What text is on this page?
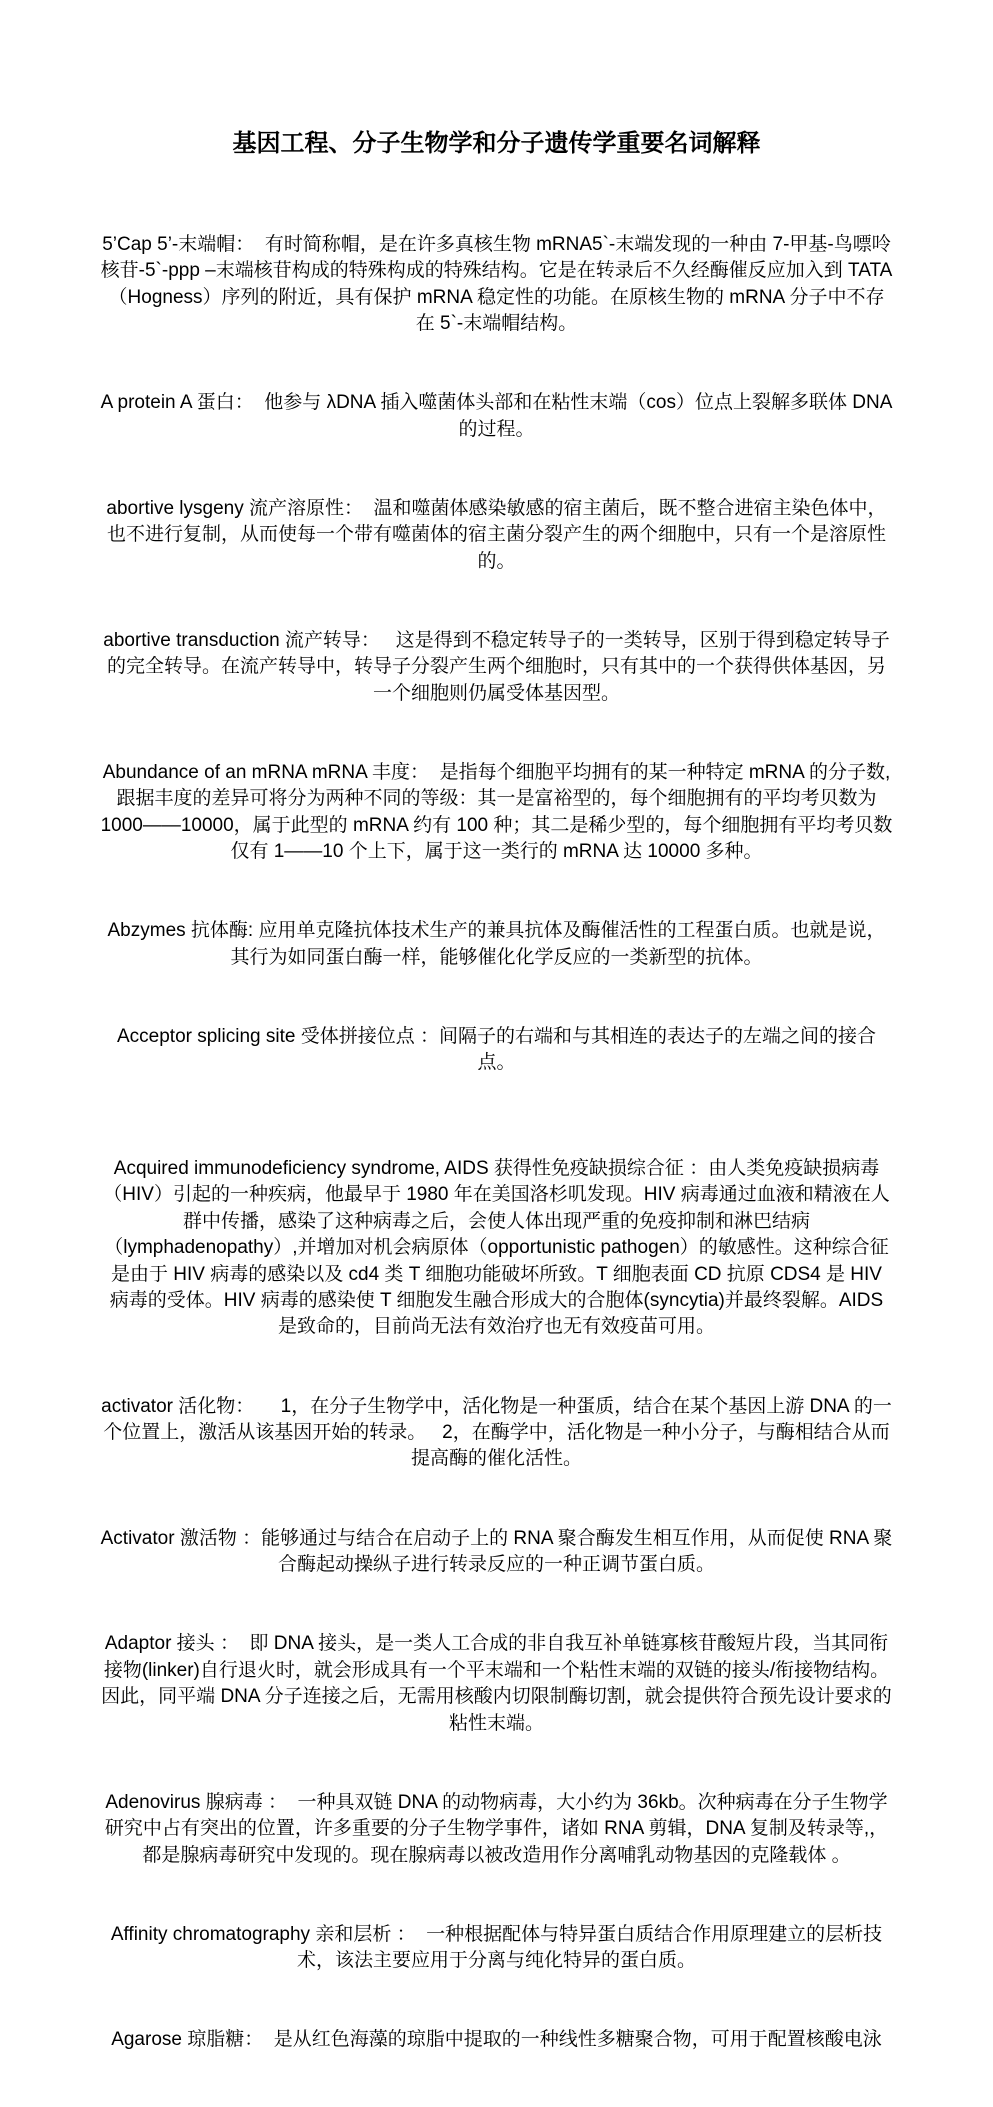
基因工程、分子生物学和分子遗传学重要名词解释

5’Cap 5’-末端帽：  有时简称帽，是在许多真核生物 mRNA5`-末端发现的一种由 7-甲基-鸟嘌呤核苷-5`-ppp –末端核苷构成的特殊构成的特殊结构。它是在转录后不久经酶催反应加入到 TATA（Hogness）序列的附近，具有保护 mRNA 稳定性的功能。在原核生物的 mRNA 分子中不存在 5`-末端帽结构。

A protein A 蛋白：  他参与 λDNA 插入噬菌体头部和在粘性末端（cos）位点上裂解多联体 DNA 的过程。

abortive lysgeny 流产溶原性：  温和噬菌体感染敏感的宿主菌后，既不整合进宿主染色体中，也不进行复制，从而使每一个带有噬菌体的宿主菌分裂产生的两个细胞中，只有一个是溶原性的。

abortive transduction 流产转导：   这是得到不稳定转导子的一类转导，区别于得到稳定转导子的完全转导。在流产转导中，转导子分裂产生两个细胞时，只有其中的一个获得供体基因，另一个细胞则仍属受体基因型。

Abundance of an mRNA mRNA 丰度：  是指每个细胞平均拥有的某一种特定 mRNA 的分子数,跟据丰度的差异可将分为两种不同的等级：其一是富裕型的，每个细胞拥有的平均考贝数为 1000——10000，属于此型的 mRNA 约有 100 种；其二是稀少型的，每个细胞拥有平均考贝数仅有 1——10 个上下，属于这一类行的 mRNA 达 10000 多种。

Abzymes 抗体酶: 应用单克隆抗体技术生产的兼具抗体及酶催活性的工程蛋白质。也就是说，其行为如同蛋白酶一样，能够催化化学反应的一类新型的抗体。

Acceptor splicing site 受体拼接位点 ：间隔子的右端和与其相连的表达子的左端之间的接合点。

Acquired immunodeficiency syndrome, AIDS 获得性免疫缺损综合征 ：由人类免疫缺损病毒（HIV）引起的一种疾病，他最早于 1980 年在美国洛杉叽发现。HIV 病毒通过血液和精液在人群中传播，感染了这种病毒之后，会使人体出现严重的免疫抑制和淋巴结病（lymphadenopathy）,并增加对机会病原体（opportunistic pathogen）的敏感性。这种综合征是由于 HIV 病毒的感染以及 cd4 类 T 细胞功能破坏所致。T 细胞表面 CD 抗原 CDS4 是 HIV 病毒的受体。HIV 病毒的感染使 T 细胞发生融合形成大的合胞体(syncytia)并最终裂解。AIDS 是致命的，目前尚无法有效治疗也无有效疫苗可用。

activator 活化物：     1，在分子生物学中，活化物是一种蛋质，结合在某个基因上游 DNA 的一个位置上，激活从该基因开始的转录。   2，在酶学中，活化物是一种小分子，与酶相结合从而提高酶的催化活性。

Activator 激活物 ：能够通过与结合在启动子上的 RNA 聚合酶发生相互作用，从而促使 RNA 聚合酶起动操纵子进行转录反应的一种正调节蛋白质。

Adaptor 接头 ：  即 DNA 接头，是一类人工合成的非自我互补单链寡核苷酸短片段，当其同衔接物(linker)自行退火时，就会形成具有一个平末端和一个粘性末端的双链的接头/衔接物结构。因此，同平端 DNA 分子连接之后，无需用核酸内切限制酶切割，就会提供符合预先设计要求的粘性末端。

Adenovirus 腺病毒 ：  一种具双链 DNA 的动物病毒，大小约为 36kb。次种病毒在分子生物学研究中占有突出的位置，许多重要的分子生物学事件，诸如 RNA 剪辑，DNA 复制及转录等,，都是腺病毒研究中发现的。现在腺病毒以被改造用作分离哺乳动物基因的克隆载体 。

Affinity chromatography 亲和层析 ：  一种根据配体与特异蛋白质结合作用原理建立的层析技术，该法主要应用于分离与纯化特异的蛋白质。

Agarose 琼脂糖：  是从红色海藻的琼脂中提取的一种线性多糖聚合物，可用于配置核酸电泳
